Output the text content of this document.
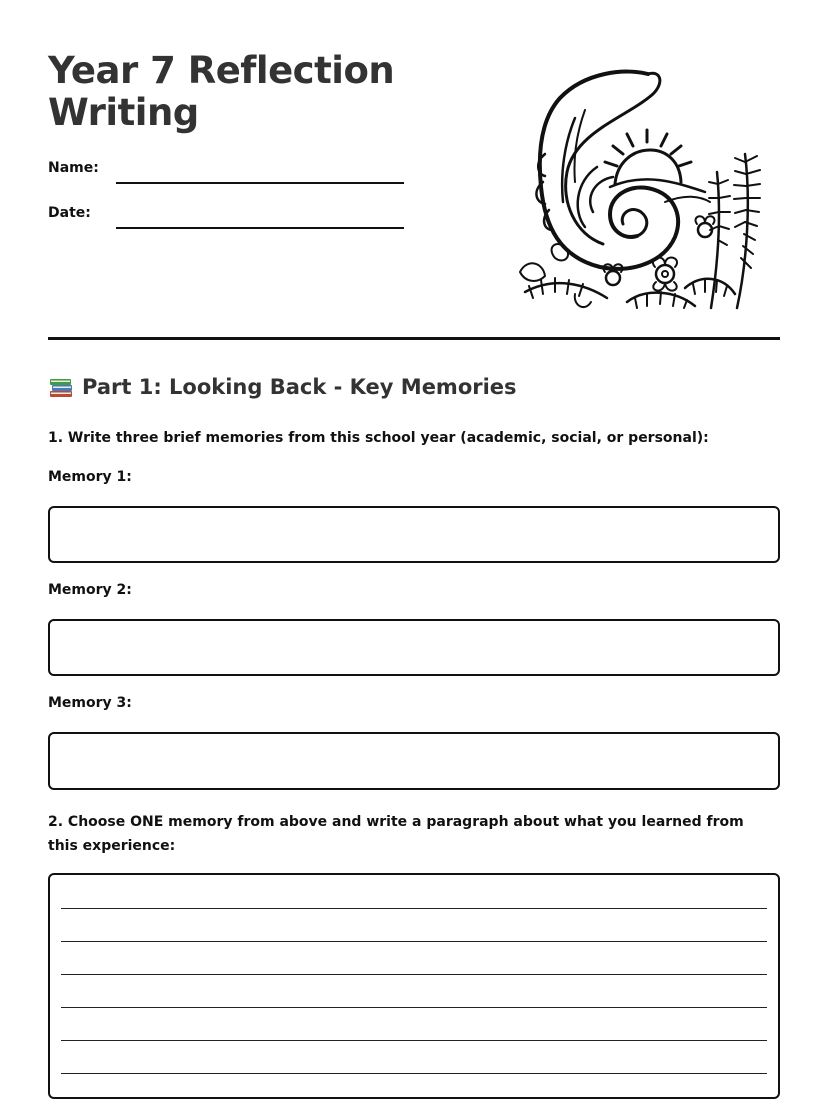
Year 7 Reflection
Writing
Name:
Date:
Part 1: Looking Back - Key Memories
1. Write three brief memories from this school year (academic, social, or personal):
Memory 1:
Memory 2:
Memory 3:
2. Choose ONE memory from above and write a paragraph about what you learned from this experience:
